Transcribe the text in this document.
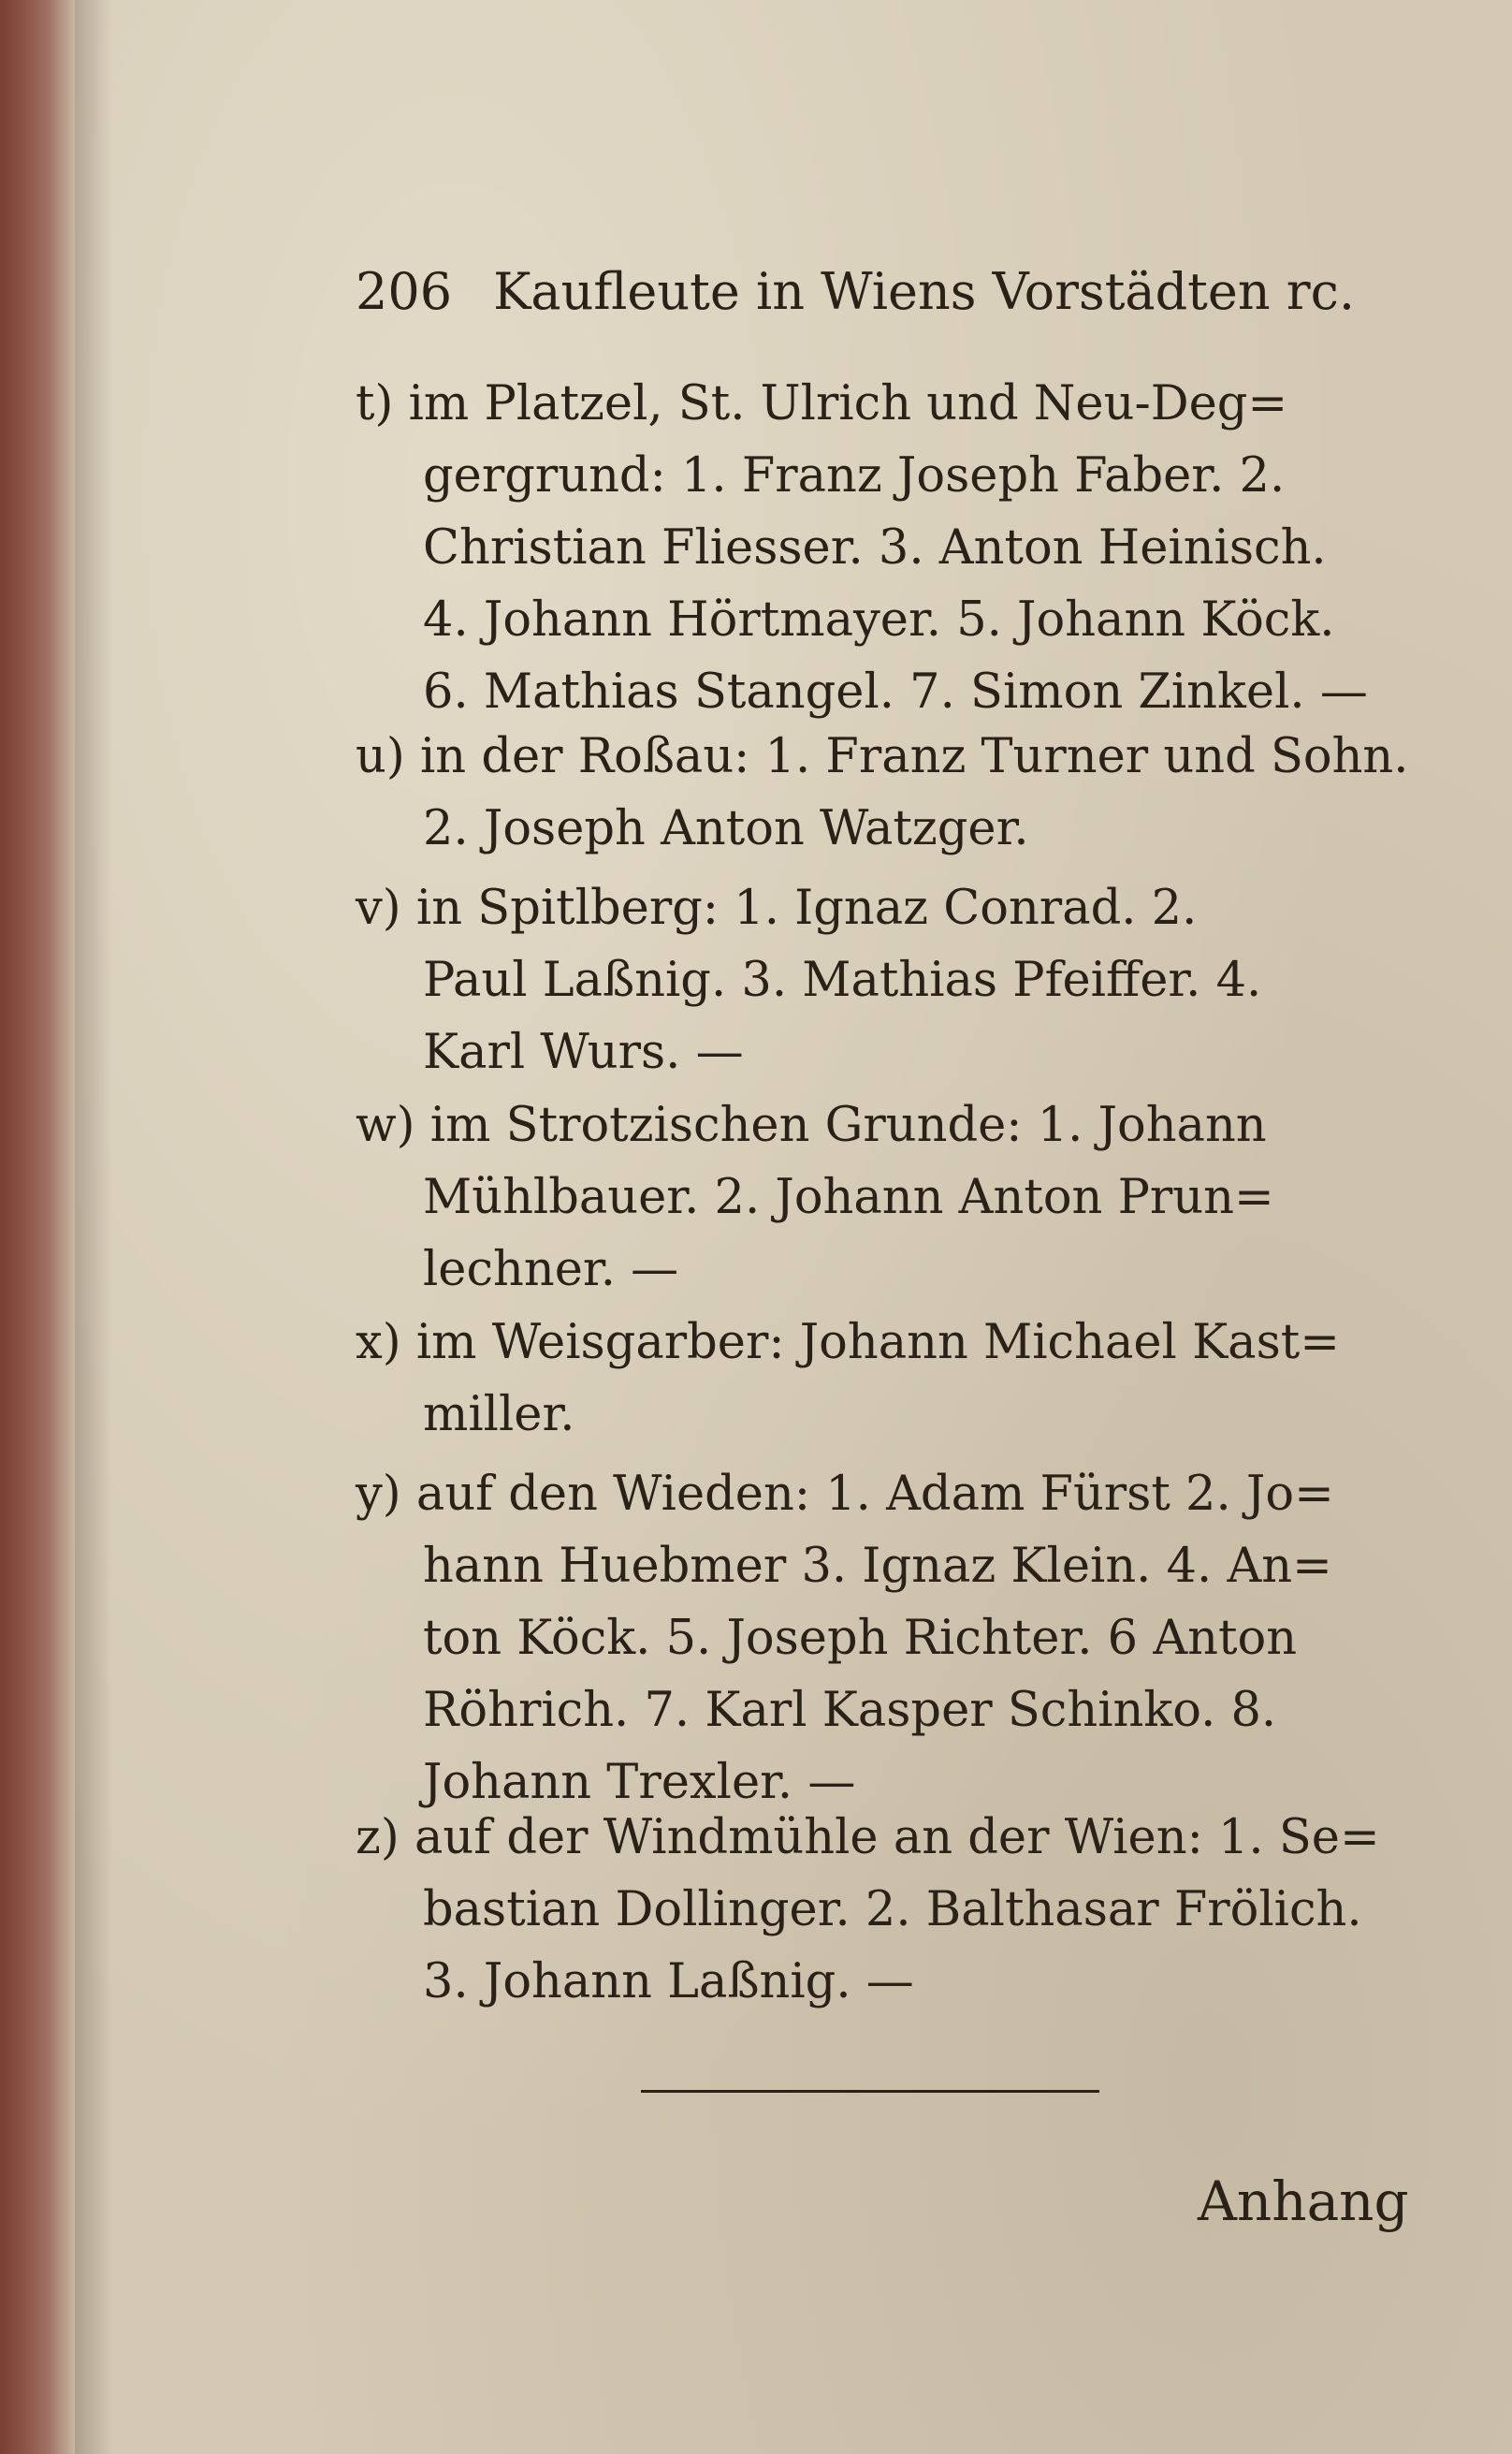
206 Kaufleute in Wiens Vorstädten rc.
t) im Platzel, St. Ulrich und Neu-Deg=
gergrund: 1. Franz Joseph Faber. 2.
Christian Fliesser. 3. Anton Heinisch.
4. Johann Hörtmayer. 5. Johann Köck.
6. Mathias Stangel. 7. Simon Zinkel. —
u) in der Roßau: 1. Franz Turner und Sohn.
2. Joseph Anton Watzger.
v) in Spitlberg: 1. Ignaz Conrad. 2.
Paul Laßnig. 3. Mathias Pfeiffer. 4.
Karl Wurs. —
w) im Strotzischen Grunde: 1. Johann
Mühlbauer. 2. Johann Anton Prun=
lechner. —
x) im Weisgarber: Johann Michael Kast=
miller.
y) auf den Wieden: 1. Adam Fürst 2. Jo=
hann Huebmer 3. Ignaz Klein. 4. An=
ton Köck. 5. Joseph Richter. 6 Anton
Röhrich. 7. Karl Kasper Schinko. 8.
Johann Trexler. —
z) auf der Windmühle an der Wien: 1. Se=
bastian Dollinger. 2. Balthasar Frölich.
3. Johann Laßnig. —
Anhang
